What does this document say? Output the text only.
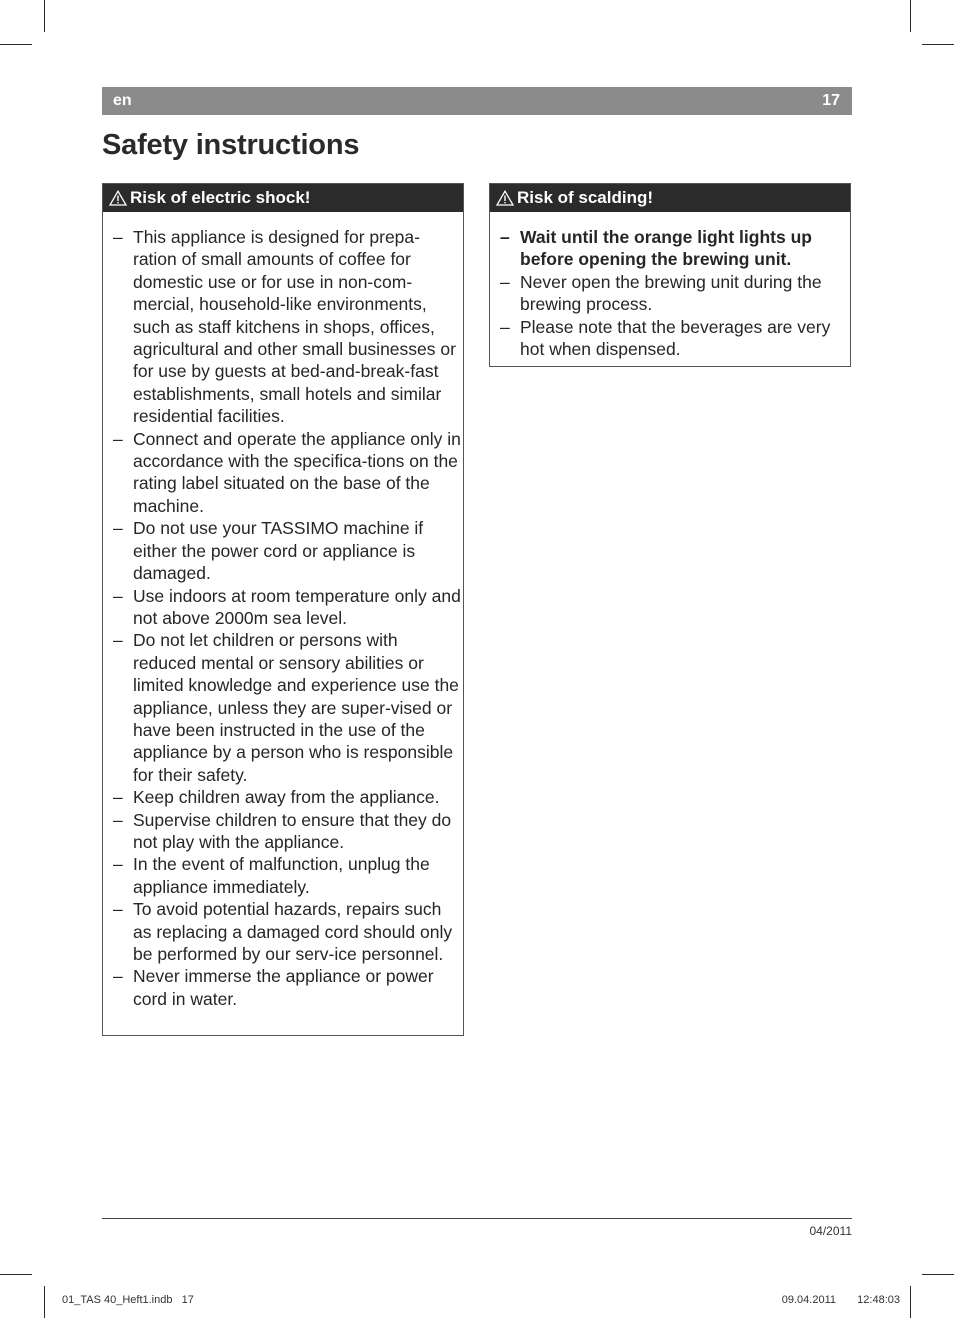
en	17
Safety instructions
Risk of electric shock!
– This appliance is designed for prepa-ration of small amounts of coffee for domestic use or for use in non-com-mercial, household-like environments, such as staff kitchens in shops, offices, agricultural and other small businesses or for use by guests at bed-and-break-fast establishments, small hotels and similar residential facilities.
– Connect and operate the appliance only in accordance with the specifica-tions on the rating label situated on the base of the machine.
– Do not use your TASSIMO machine if either the power cord or appliance is damaged.
– Use indoors at room temperature only and not above 2000m sea level.
– Do not let children or persons with reduced mental or sensory abilities or limited knowledge and experience use the appliance, unless they are super-vised or have been instructed in the use of the appliance by a person who is responsible for their safety.
– Keep children away from the appliance.
– Supervise children to ensure that they do not play with the appliance.
– In the event of malfunction, unplug the appliance immediately.
– To avoid potential hazards, repairs such as replacing a damaged cord should only be performed by our serv-ice personnel.
– Never immerse the appliance or power cord in water.
Risk of scalding!
– Wait until the orange light lights up before opening the brewing unit.
– Never open the brewing unit during the brewing process.
– Please note that the beverages are very hot when dispensed.
04/2011
01_TAS 40_Heft1.indb   17	09.04.2011   12:48:03
